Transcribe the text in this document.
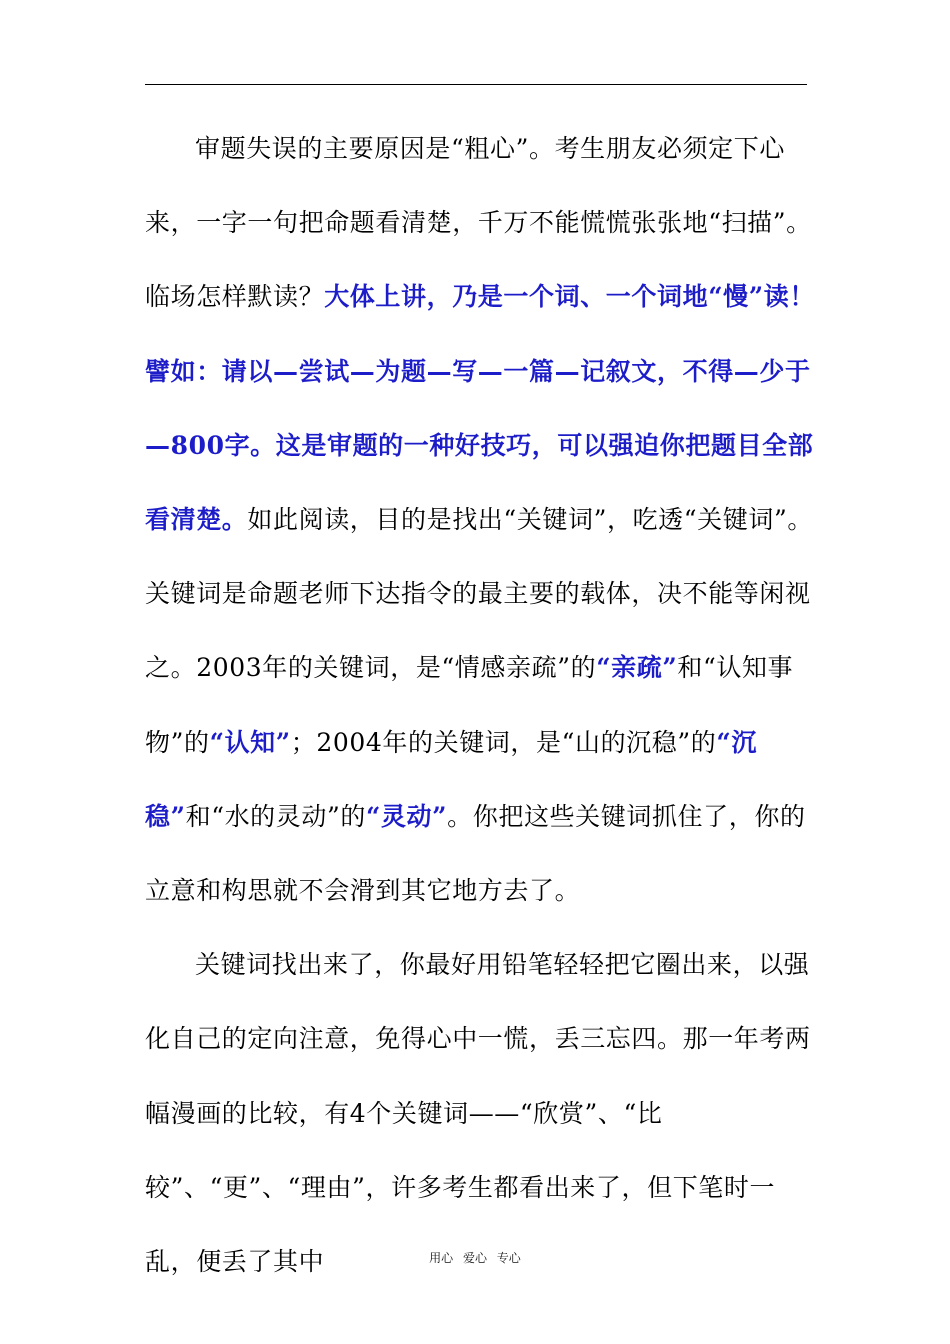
审题失误的主要原因是“粗心”。考生朋友必须定下心来，一字一句把命题看清楚，千万不能慌慌张张地“扫描”。临场怎样默读？大体上讲，乃是一个词、一个词地“慢”读！譬如：请以—尝试—为题—写—一篇—记叙文，不得—少于—800字。这是审题的一种好技巧，可以强迫你把题目全部看清楚。如此阅读，目的是找出“关键词”，吃透“关键词”。关键词是命题老师下达指令的最主要的载体，决不能等闲视之。2003年的关键词，是“情感亲疏”的“亲疏”和“认知事物”的“认知”；2004年的关键词，是“山的沉稳”的“沉稳”和“水的灵动”的“灵动”。你把这些关键词抓住了，你的立意和构思就不会滑到其它地方去了。

关键词找出来了，你最好用铅笔轻轻把它圈出来，以强化自己的定向注意，免得心中一慌，丢三忘四。那一年考两幅漫画的比较，有4个关键词——“欣赏”、“比较”、“更”、“理由”，许多考生都看出来了，但下笔时一乱，便丢了其中	用心 爱心 专心
